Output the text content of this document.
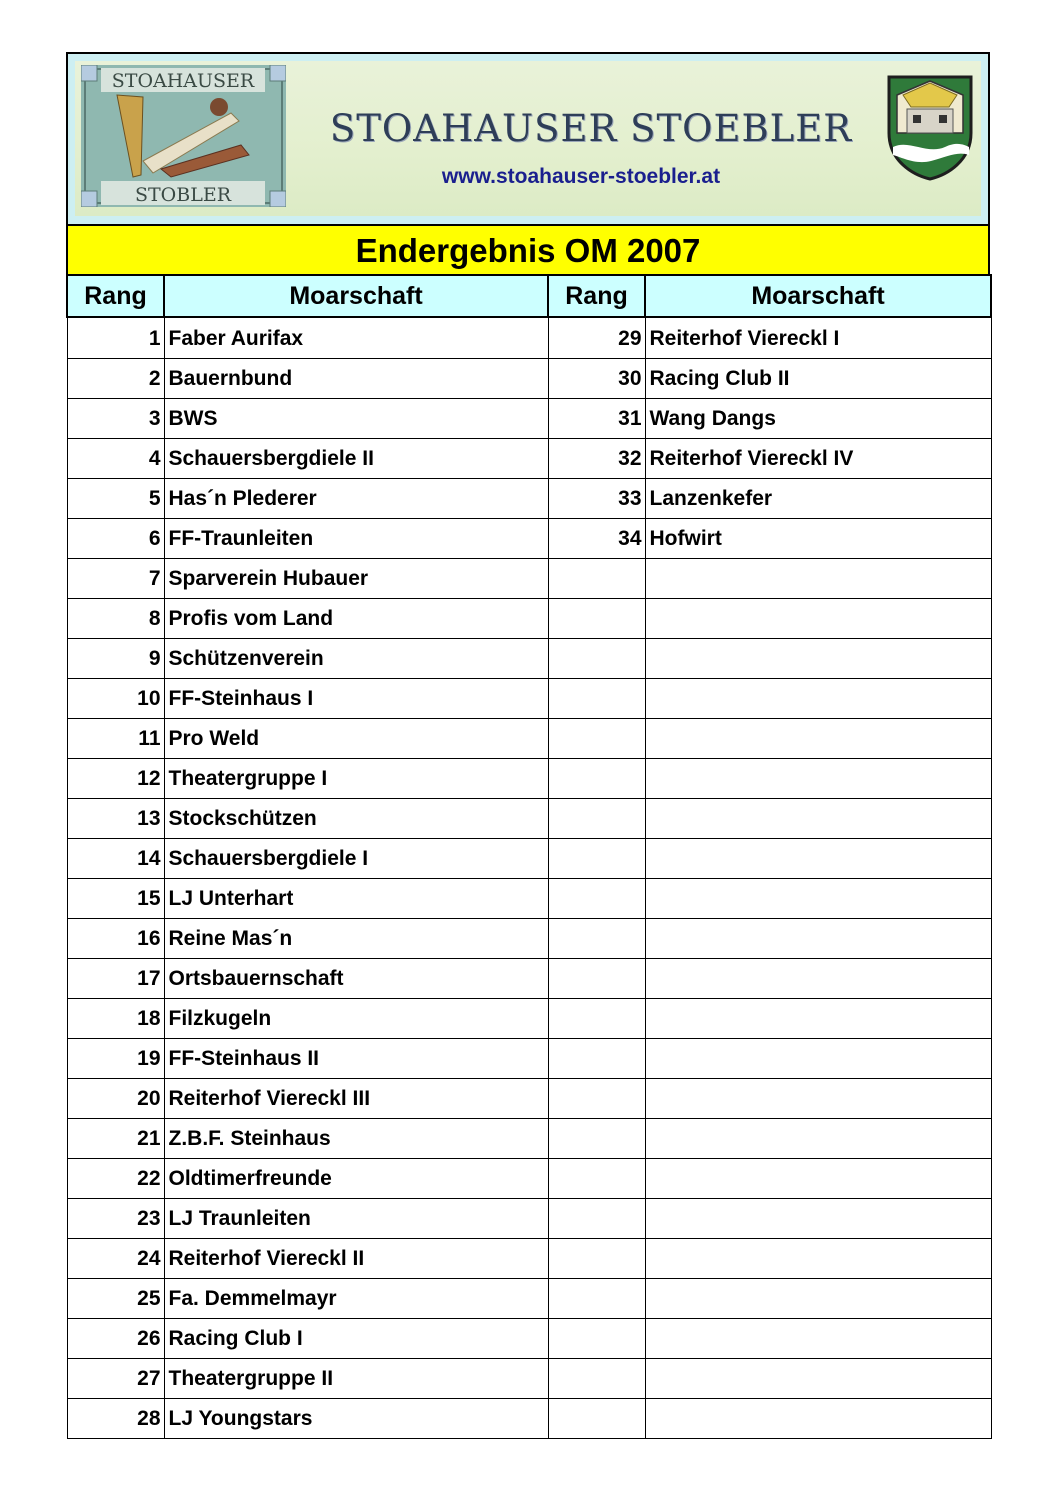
STOAHAUSER
STOBLER
STOAHAUSER STOEBLER
www.stoahauser-stoebler.at
Endergebnis OM 2007
Rang	Moarschaft	Rang	Moarschaft
1	Faber Aurifax	29	Reiterhof Viereckl I
2	Bauernbund	30	Racing Club II
3	BWS	31	Wang Dangs
4	Schauersbergdiele II	32	Reiterhof Viereckl IV
5	Has´n Plederer	33	Lanzenkefer
6	FF-Traunleiten	34	Hofwirt
7	Sparverein Hubauer		
8	Profis vom Land		
9	Schützenverein		
10	FF-Steinhaus I		
11	Pro Weld		
12	Theatergruppe I		
13	Stockschützen		
14	Schauersbergdiele I		
15	LJ Unterhart		
16	Reine Mas´n		
17	Ortsbauernschaft		
18	Filzkugeln		
19	FF-Steinhaus II		
20	Reiterhof Viereckl III		
21	Z.B.F. Steinhaus		
22	Oldtimerfreunde		
23	LJ Traunleiten		
24	Reiterhof Viereckl II		
25	Fa. Demmelmayr		
26	Racing Club I		
27	Theatergruppe II		
28	LJ Youngstars		
